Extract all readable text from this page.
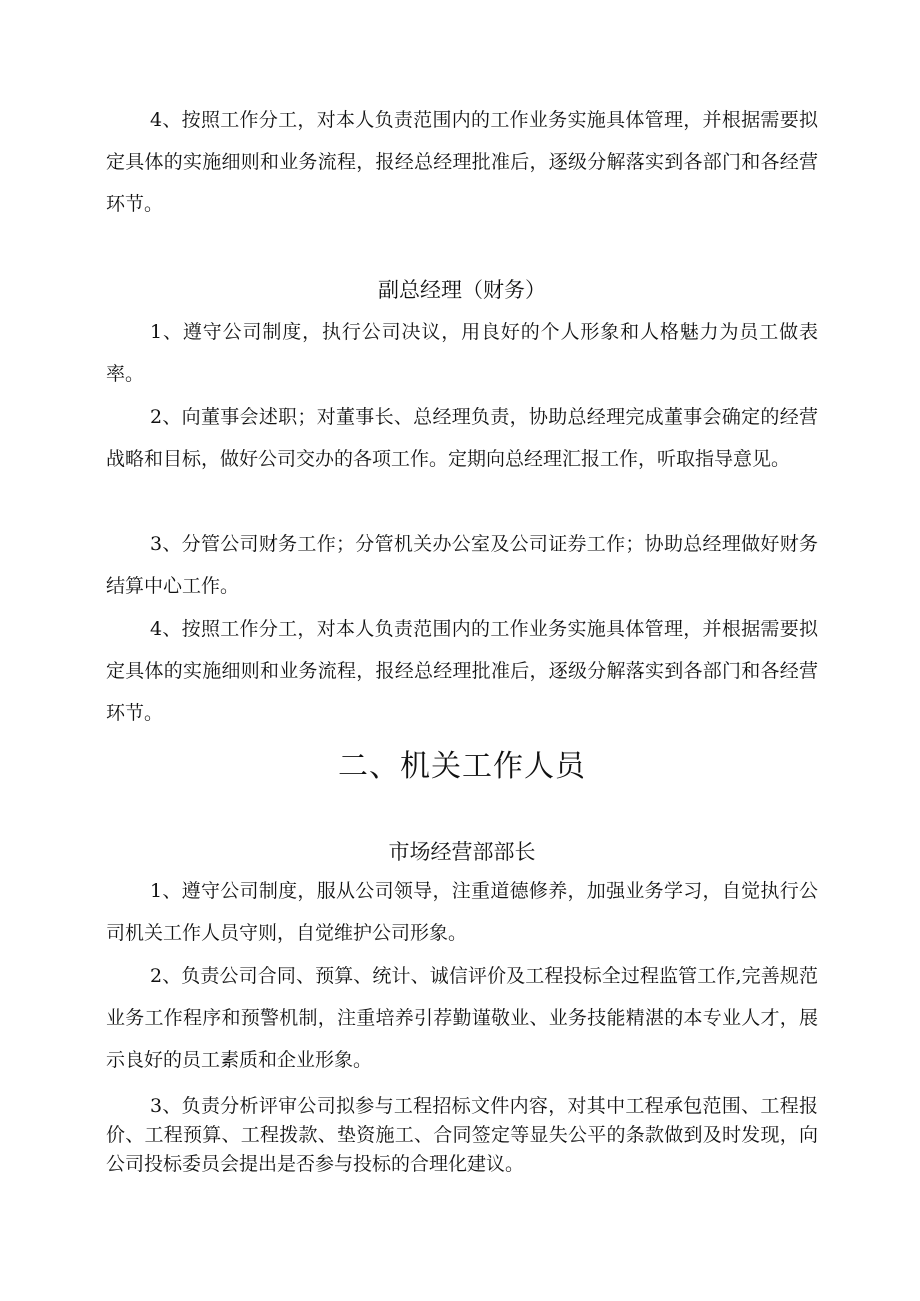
4、按照工作分工，对本人负责范围内的工作业务实施具体管理，并根据需要拟定具体的实施细则和业务流程，报经总经理批准后，逐级分解落实到各部门和各经营环节。

副总经理（财务）

1、遵守公司制度，执行公司决议，用良好的个人形象和人格魅力为员工做表率。

2、向董事会述职；对董事长、总经理负责，协助总经理完成董事会确定的经营战略和目标，做好公司交办的各项工作。定期向总经理汇报工作，听取指导意见。

3、分管公司财务工作；分管机关办公室及公司证券工作；协助总经理做好财务结算中心工作。

4、按照工作分工，对本人负责范围内的工作业务实施具体管理，并根据需要拟定具体的实施细则和业务流程，报经总经理批准后，逐级分解落实到各部门和各经营环节。

二、机关工作人员
市场经营部部长

1、遵守公司制度，服从公司领导，注重道德修养，加强业务学习，自觉执行公司机关工作人员守则，自觉维护公司形象。

2、负责公司合同、预算、统计、诚信评价及工程投标全过程监管工作,完善规范业务工作程序和预警机制，注重培养引荐勤谨敬业、业务技能精湛的本专业人才，展示良好的员工素质和企业形象。

3、负责分析评审公司拟参与工程招标文件内容，对其中工程承包范围、工程报价、工程预算、工程拨款、垫资施工、合同签定等显失公平的条款做到及时发现，向公司投标委员会提出是否参与投标的合理化建议。
